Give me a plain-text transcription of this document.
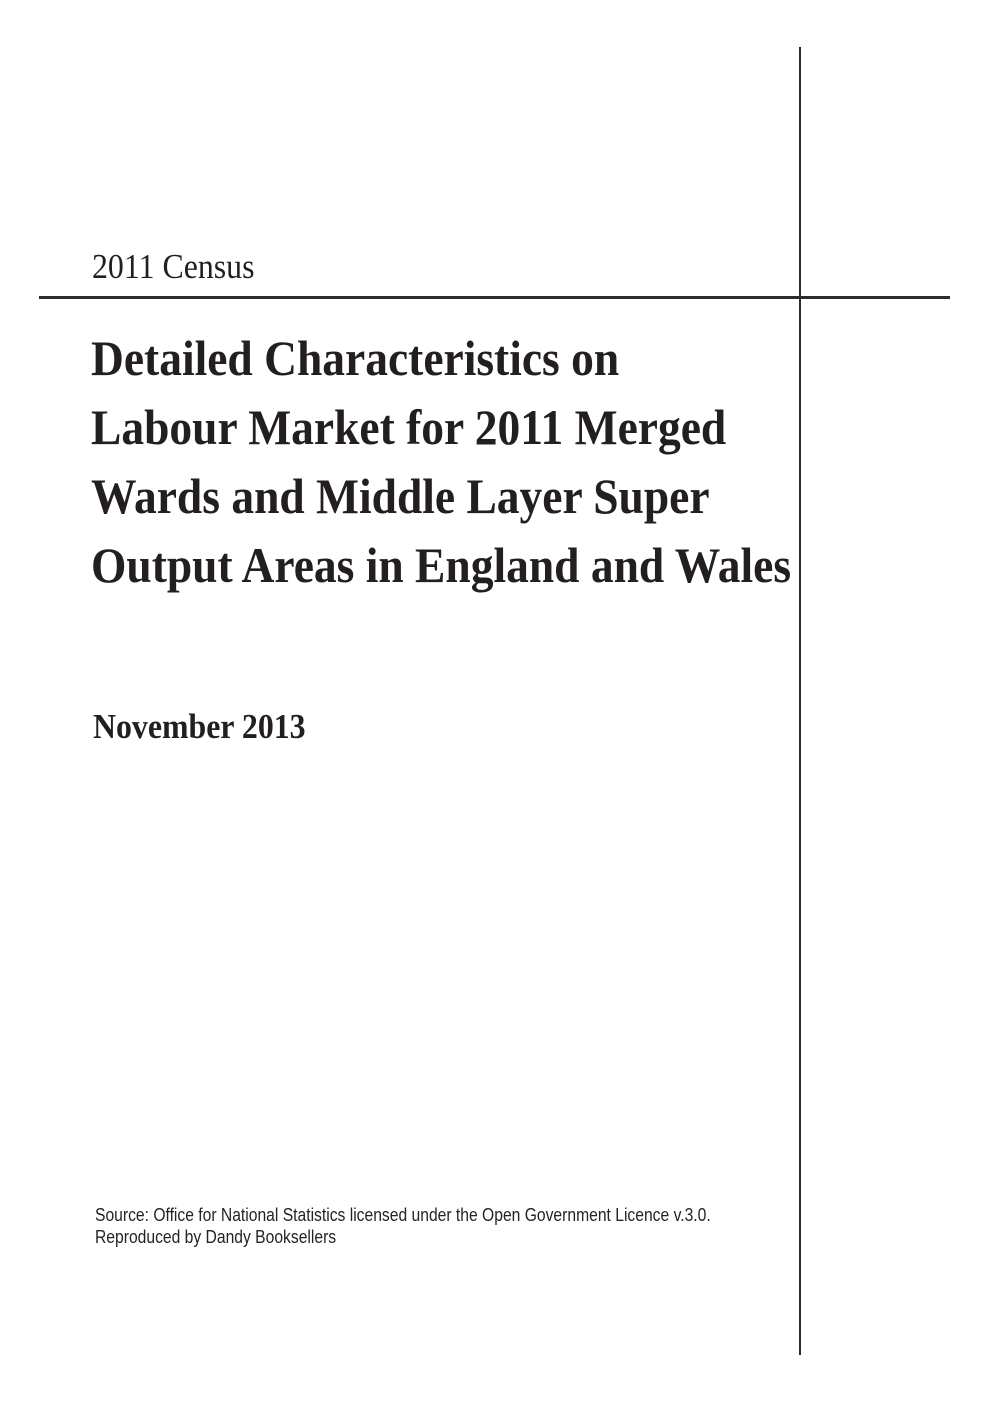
2011 Census
Detailed Characteristics on
Labour Market for 2011 Merged
Wards and Middle Layer Super
Output Areas in England and Wales
November 2013
Source: Office for National Statistics licensed under the Open Government Licence v.3.0.
Reproduced by Dandy Booksellers
